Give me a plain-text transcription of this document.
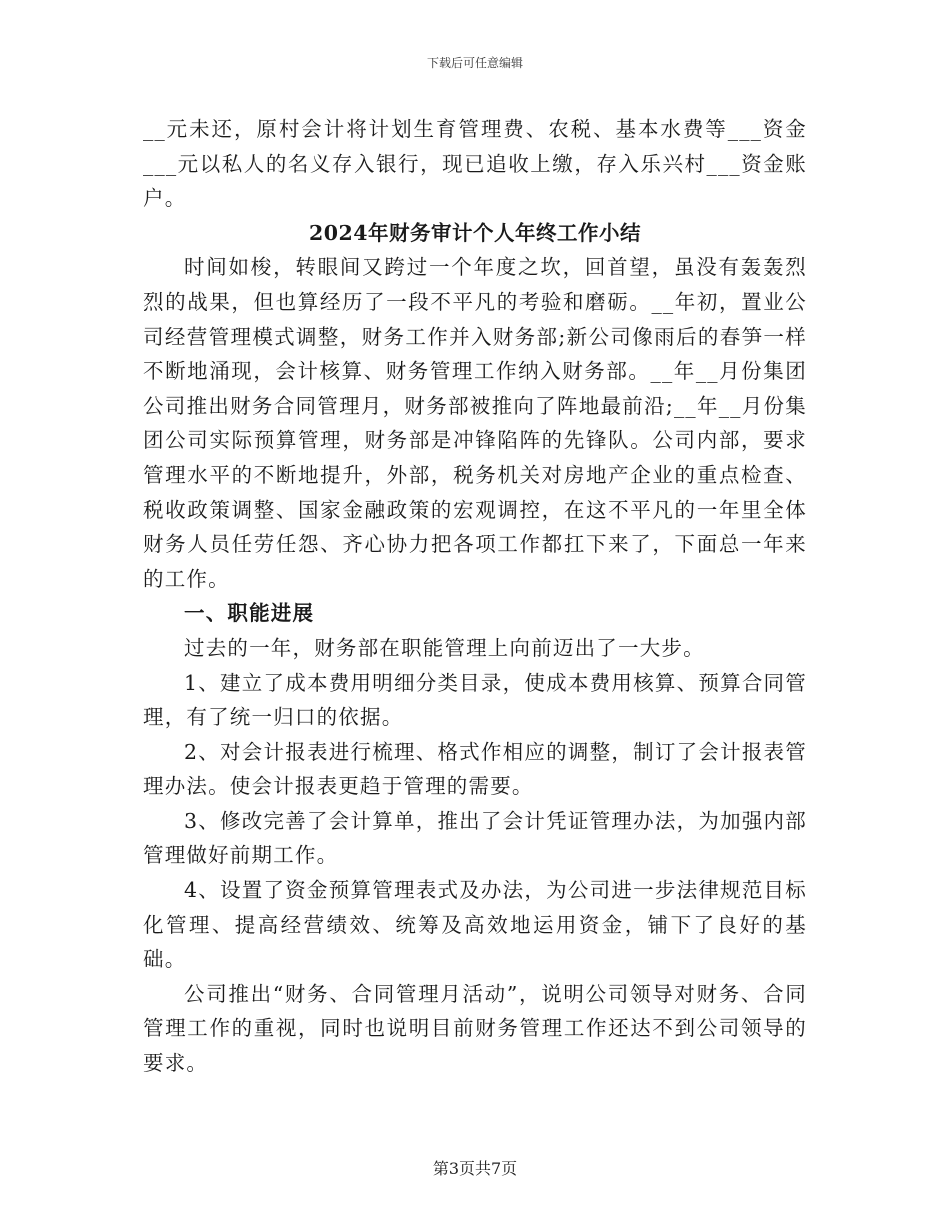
下载后可任意编辑

__元未还，原村会计将计划生育管理费、农税、基本水费等___资金___元以私人的名义存入银行，现已追收上缴，存入乐兴村___资金账户。

2024年财务审计个人年终工作小结

时间如梭，转眼间又跨过一个年度之坎，回首望，虽没有轰轰烈烈的战果，但也算经历了一段不平凡的考验和磨砺。__年初，置业公司经营管理模式调整，财务工作并入财务部;新公司像雨后的春笋一样不断地涌现，会计核算、财务管理工作纳入财务部。__年__月份集团公司推出财务合同管理月，财务部被推向了阵地最前沿;__年__月份集团公司实际预算管理，财务部是冲锋陷阵的先锋队。公司内部，要求管理水平的不断地提升，外部，税务机关对房地产企业的重点检查、税收政策调整、国家金融政策的宏观调控，在这不平凡的一年里全体财务人员任劳任怨、齐心协力把各项工作都扛下来了，下面总一年来的工作。

一、职能进展

过去的一年，财务部在职能管理上向前迈出了一大步。

1、建立了成本费用明细分类目录，使成本费用核算、预算合同管理，有了统一归口的依据。

2、对会计报表进行梳理、格式作相应的调整，制订了会计报表管理办法。使会计报表更趋于管理的需要。

3、修改完善了会计算单，推出了会计凭证管理办法，为加强内部管理做好前期工作。

4、设置了资金预算管理表式及办法，为公司进一步法律规范目标化管理、提高经营绩效、统筹及高效地运用资金，铺下了良好的基础。

公司推出“财务、合同管理月活动”，说明公司领导对财务、合同管理工作的重视，同时也说明目前财务管理工作还达不到公司领导的要求。

第3页共7页
